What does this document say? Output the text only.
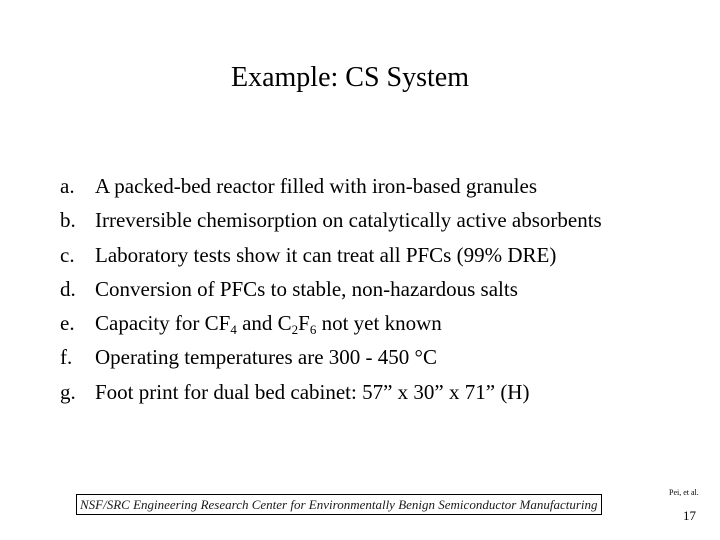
Example: CS System
a. A packed-bed reactor filled with iron-based granules
b. Irreversible chemisorption on catalytically active absorbents
c. Laboratory tests show it can treat all PFCs (99% DRE)
d. Conversion of PFCs to stable, non-hazardous salts
e. Capacity for $CF_4$ and $C_2F_6$ not yet known
f. Operating temperatures are 300 - 450 °C
g. Foot print for dual bed cabinet: 57” x 30” x 71” (H)
NSF/SRC Engineering Research Center for Environmentally Benign Semiconductor Manufacturing
Pei, et al.
17
